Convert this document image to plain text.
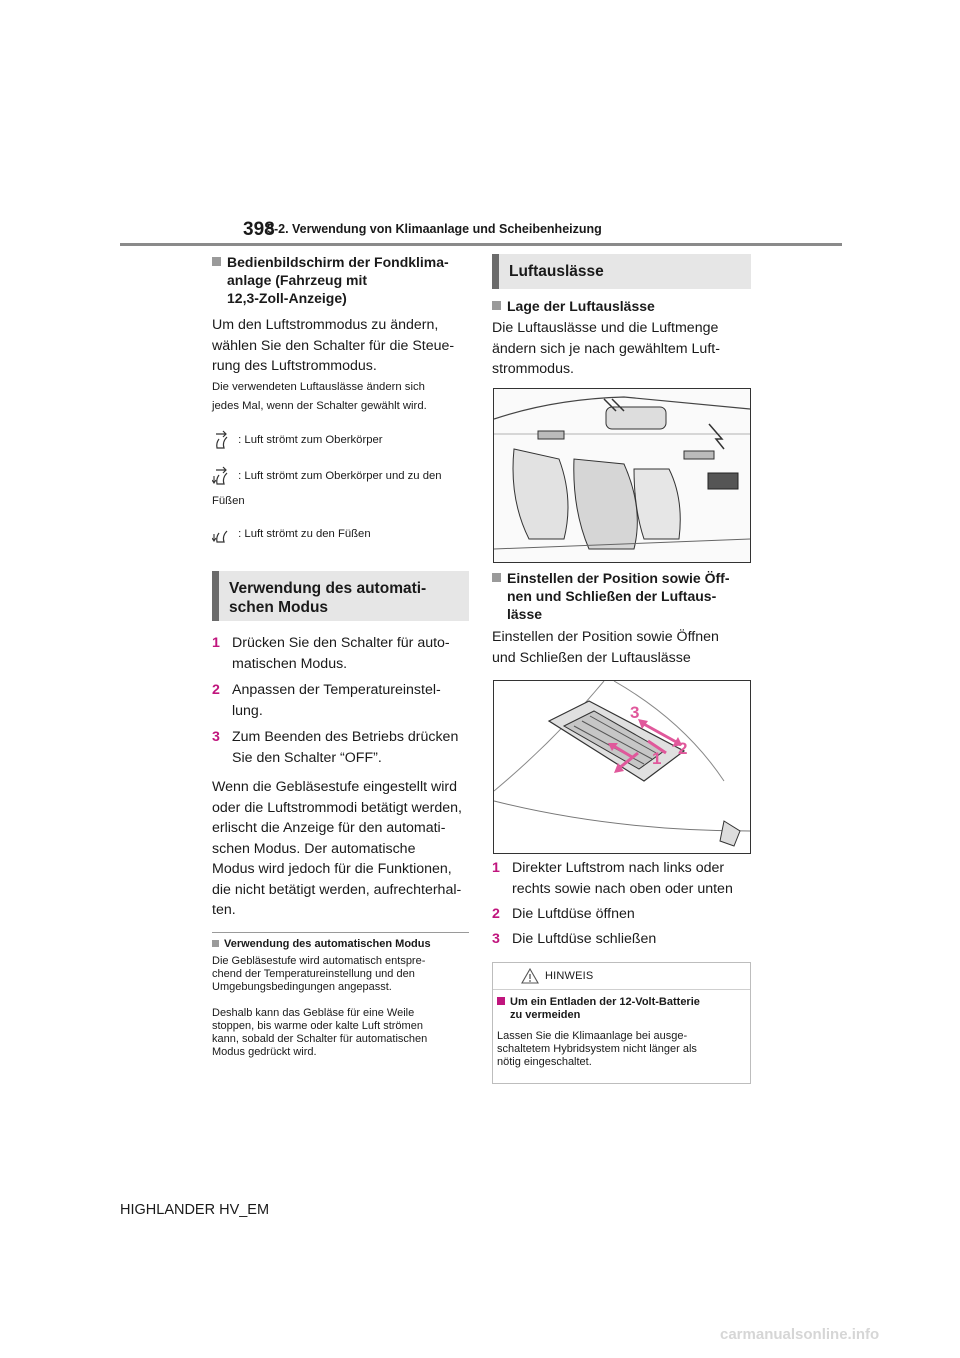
398
5-2. Verwendung von Klimaanlage und Scheibenheizung
Bedienbildschirm der Fondklima-
anlage (Fahrzeug mit
12,3-Zoll-Anzeige)
Um den Luftstrommodus zu ändern,
wählen Sie den Schalter für die Steue-
rung des Luftstrommodus.
Die verwendeten Luftauslässe ändern sich
jedes Mal, wenn der Schalter gewählt wird.
: Luft strömt zum Oberkörper
: Luft strömt zum Oberkörper und zu den
Füßen
: Luft strömt zu den Füßen
Verwendung des automati-
schen Modus
1 Drücken Sie den Schalter für auto-
matischen Modus.
2 Anpassen der Temperatureinstel-
lung.
3 Zum Beenden des Betriebs drücken
Sie den Schalter “OFF”.
Wenn die Gebläsestufe eingestellt wird
oder die Luftstrommodi betätigt werden,
erlischt die Anzeige für den automati-
schen Modus. Der automatische
Modus wird jedoch für die Funktionen,
die nicht betätigt werden, aufrechterhal-
ten.
Verwendung des automatischen Modus
Die Gebläsestufe wird automatisch entspre-
chend der Temperatureinstellung und den
Umgebungsbedingungen angepasst.
Deshalb kann das Gebläse für eine Weile
stoppen, bis warme oder kalte Luft strömen
kann, sobald der Schalter für automatischen
Modus gedrückt wird.
Luftauslässe
Lage der Luftauslässe
Die Luftauslässe und die Luftmenge
ändern sich je nach gewähltem Luft-
strommodus.
Einstellen der Position sowie Öff-
nen und Schließen der Luftaus-
lässe
Einstellen der Position sowie Öffnen
und Schließen der Luftauslässe
3
2
1
1 Direkter Luftstrom nach links oder
rechts sowie nach oben oder unten
2 Die Luftdüse öffnen
3 Die Luftdüse schließen
HINWEIS
Um ein Entladen der 12-Volt-Batterie
zu vermeiden
Lassen Sie die Klimaanlage bei ausge-
schaltetem Hybridsystem nicht länger als
nötig eingeschaltet.
HIGHLANDER HV_EM
carmanualsonline.info
